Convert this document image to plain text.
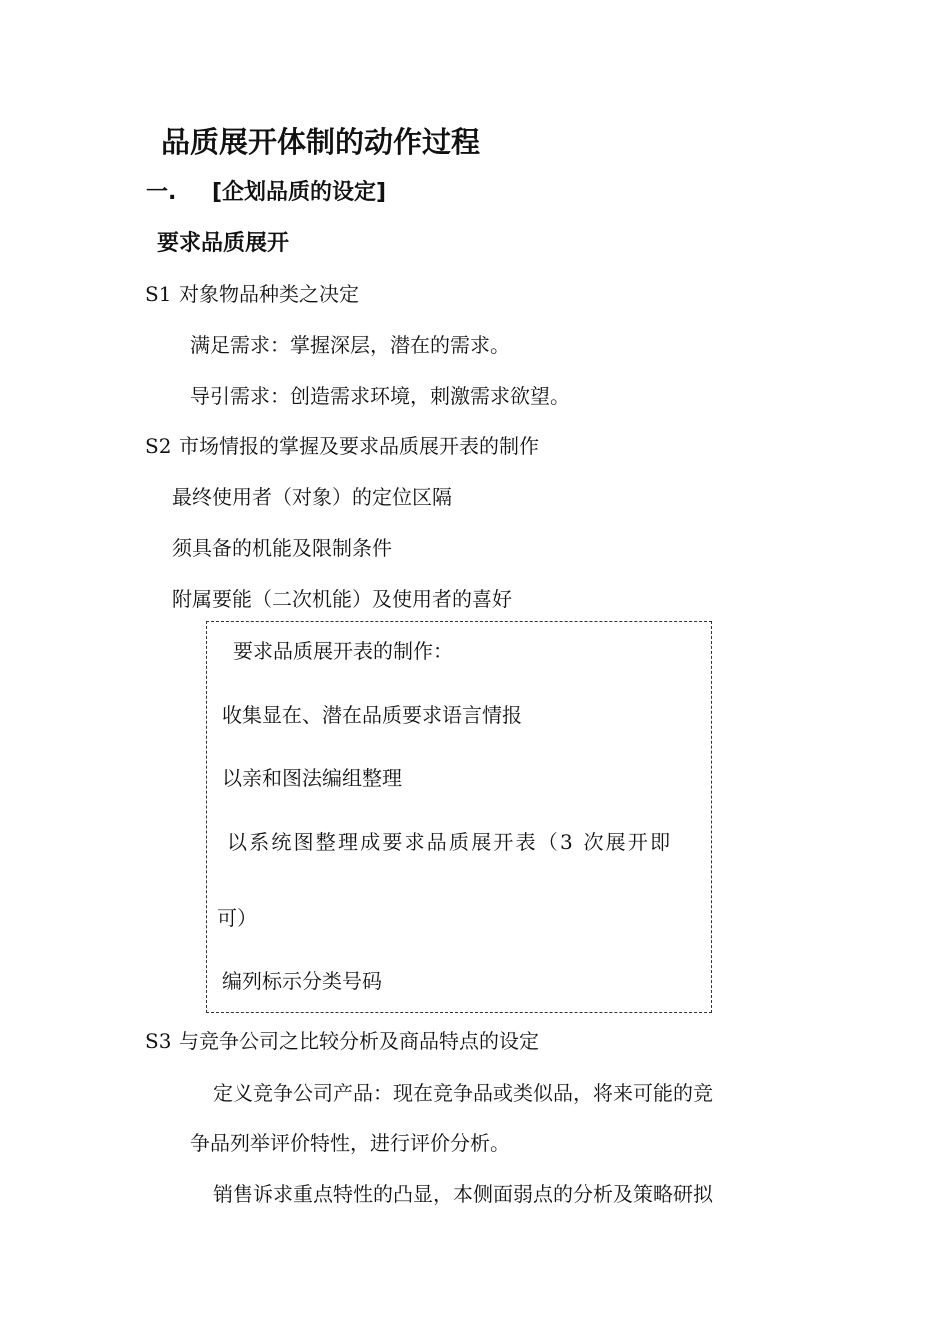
品质展开体制的动作过程
一. [企划品质的设定]
要求品质展开
S1 对象物品种类之决定
满足需求：掌握深层，潜在的需求。
导引需求：创造需求环境，刺激需求欲望。
S2 市场情报的掌握及要求品质展开表的制作
最终使用者（对象）的定位区隔
须具备的机能及限制条件
附属要能（二次机能）及使用者的喜好
要求品质展开表的制作：
收集显在、潜在品质要求语言情报
以亲和图法编组整理
以系统图整理成要求品质展开表（3 次展开即
可）
编列标示分类号码
S3 与竞争公司之比较分析及商品特点的设定
定义竞争公司产品：现在竞争品或类似品，将来可能的竞
争品列举评价特性，进行评价分析。
销售诉求重点特性的凸显，本侧面弱点的分析及策略研拟
